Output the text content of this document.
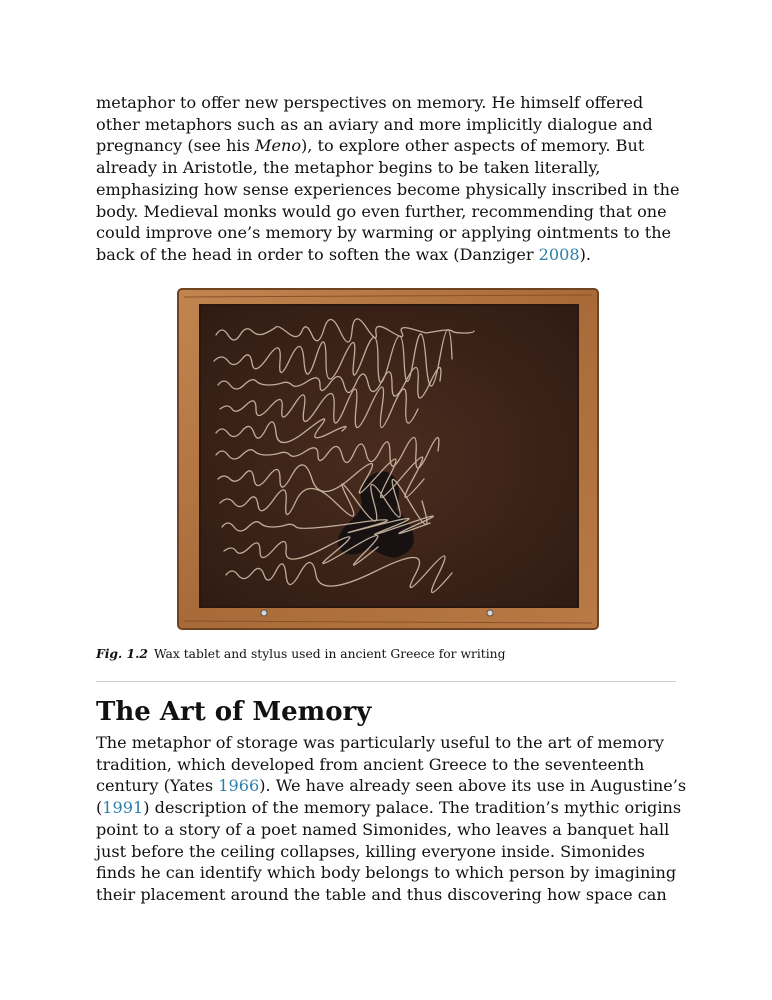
metaphor to offer new perspectives on memory. He himself offered
other metaphors such as an aviary and more implicitly dialogue and
pregnancy (see his Meno), to explore other aspects of memory. But
already in Aristotle, the metaphor begins to be taken literally,
emphasizing how sense experiences become physically inscribed in the
body. Medieval monks would go even further, recommending that one
could improve one’s memory by warming or applying ointments to the
back of the head in order to soften the wax (Danziger 2008).
Fig. 1.2 Wax tablet and stylus used in ancient Greece for writing
The Art of Memory
The metaphor of storage was particularly useful to the art of memory
tradition, which developed from ancient Greece to the seventeenth
century (Yates 1966). We have already seen above its use in Augustine’s
(1991) description of the memory palace. The tradition’s mythic origins
point to a story of a poet named Simonides, who leaves a banquet hall
just before the ceiling collapses, killing everyone inside. Simonides
finds he can identify which body belongs to which person by imagining
their placement around the table and thus discovering how space can
